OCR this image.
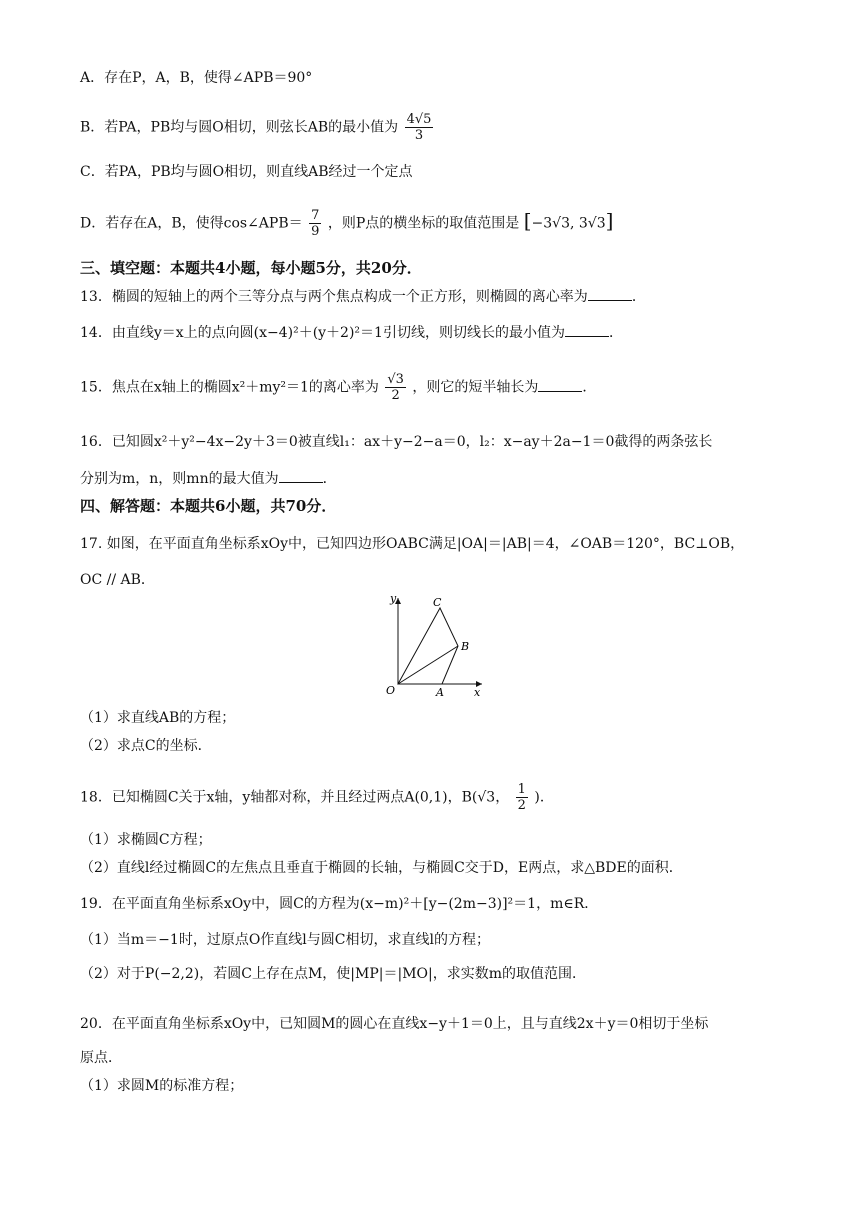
A．存在P，A，B，使得∠APB＝90°
B．若PA，PB均与圆O相切，则弦长AB的最小值为 $\frac{4√5}{3}$
C．若PA，PB均与圆O相切，则直线AB经过一个定点
D．若存在A，B，使得cos∠APB＝ $\frac{7}{9}$ ，则P点的横坐标的取值范围是 [−3√3, 3√3]
三、填空题：本题共4小题，每小题5分，共20分．
13．椭圆的短轴上的两个三等分点与两个焦点构成一个正方形，则椭圆的离心率为	．
14．由直线y＝x上的点向圆(x−4)²＋(y＋2)²＝1引切线，则切线长的最小值为	．
15．焦点在x轴上的椭圆x²＋my²＝1的离心率为 $\frac{√3}{2}$ ，则它的短半轴长为	．
16．已知圆x²＋y²−4x−2y＋3＝0被直线l₁：ax＋y−2−a＝0，l₂：x−ay＋2a−1＝0截得的两条弦长
分别为m，n，则mn的最大值为	．
四、解答题：本题共6小题，共70分．
17. 如图，在平面直角坐标系xOy中，已知四边形OABC满足|OA|＝|AB|＝4，∠OAB＝120°，BC⊥OB，
OC // AB．
y
x
O	A
B
C
（1）求直线AB的方程；
（2）求点C的坐标．
18．已知椭圆C关于x轴，y轴都对称，并且经过两点A(0,1)，B(√3， $\frac{1}{2}$ )．
（1）求椭圆C方程；
（2）直线l经过椭圆C的左焦点且垂直于椭圆的长轴，与椭圆C交于D，E两点，求△BDE的面积．
19．在平面直角坐标系xOy中，圆C的方程为(x−m)²＋[y−(2m−3)]²＝1，m∈R．
（1）当m＝−1时，过原点O作直线l与圆C相切，求直线l的方程；
（2）对于P(−2,2)，若圆C上存在点M，使|MP|＝|MO|，求实数m的取值范围．
20．在平面直角坐标系xOy中，已知圆M的圆心在直线x−y＋1＝0上，且与直线2x＋y＝0相切于坐标
原点．
（1）求圆M的标准方程；
